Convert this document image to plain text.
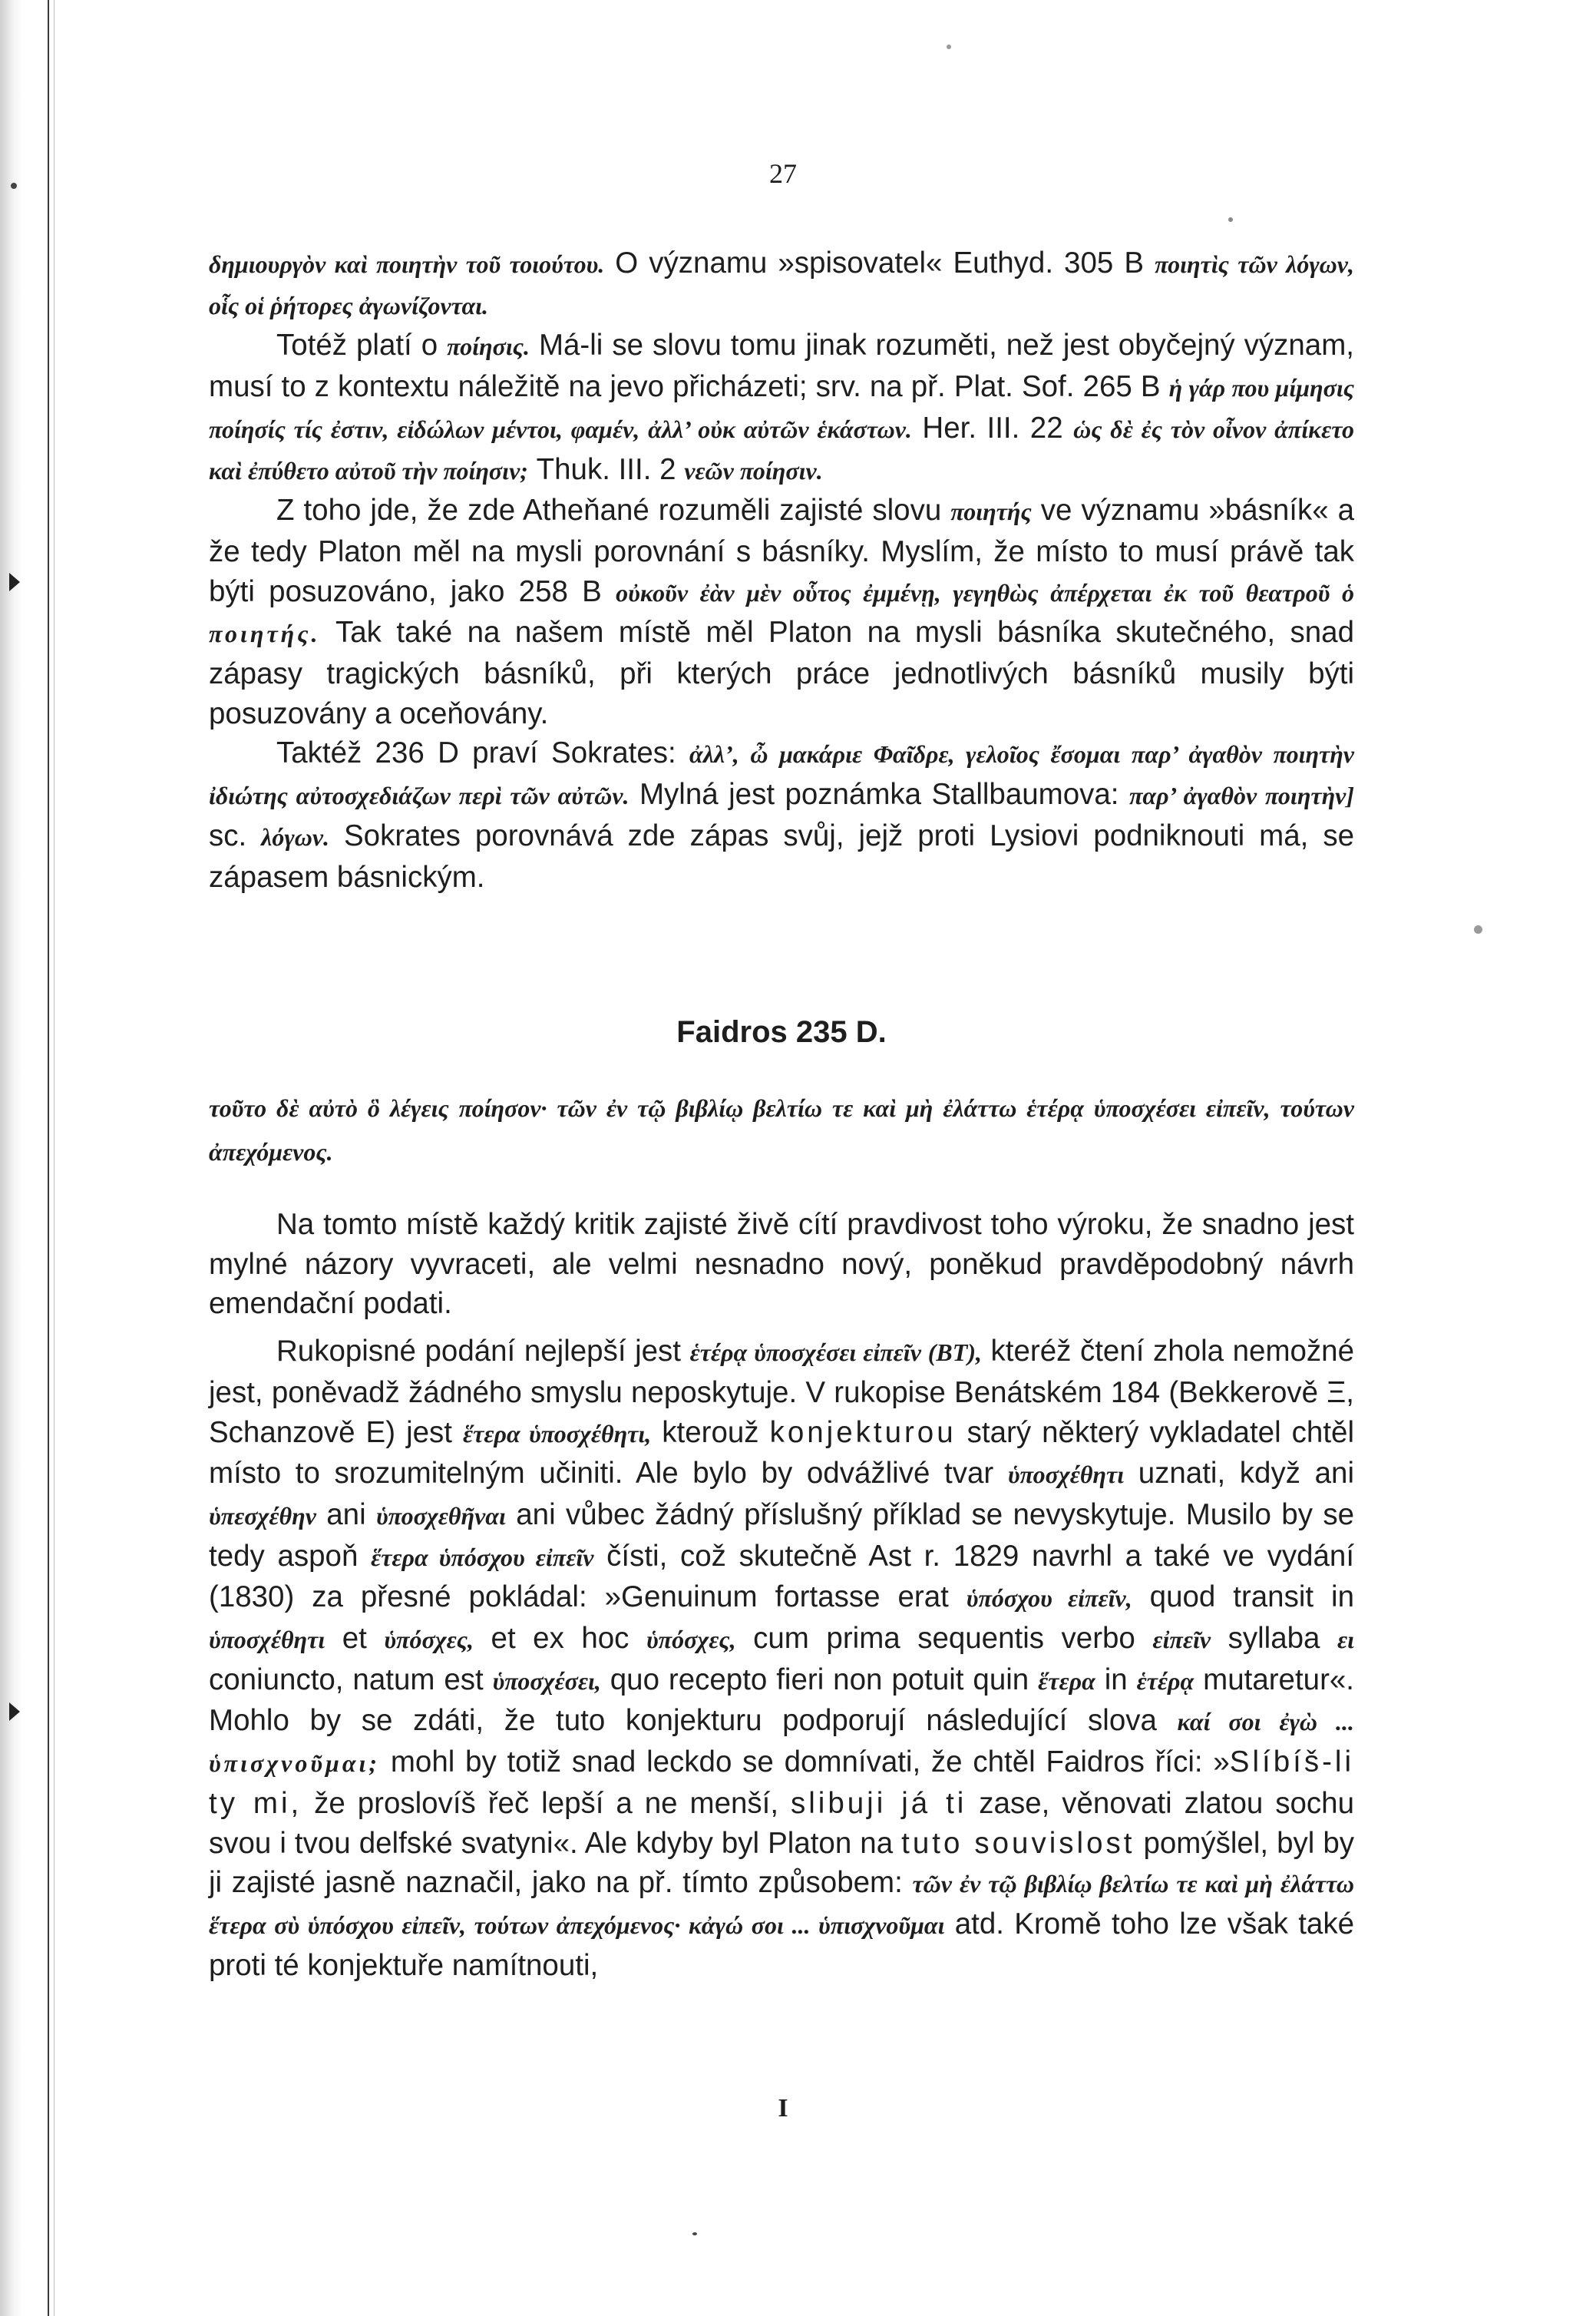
27

δημιουργὸν καὶ ποιητὴν τοῦ τοιούτου. O významu »spisovatel« Euthyd. 305 B ποιητὶς τῶν λόγων, οἷς οἱ ῥήτορες ἀγωνίζονται.

Totéž platí o ποίησις. Má-li se slovu tomu jinak rozuměti, než jest obyčejný význam, musí to z kontextu náležitě na jevo přicházeti; srv. na př. Plat. Sof. 265 B ἡ γάρ που μίμησις ποίησίς τίς ἐστιν, εἰδώλων μέντοι, φαμέν, ἀλλ’ οὐκ αὐτῶν ἑκάστων. Her. III. 22 ὡς δὲ ἐς τὸν οἶνον ἀπίκετο καὶ ἐπύθετο αὐτοῦ τὴν ποίησιν; Thuk. III. 2 νεῶν ποίησιν.

Z toho jde, že zde Atheňané rozuměli zajisté slovu ποιητής ve významu »básník« a že tedy Platon měl na mysli porovnání s básníky. Myslím, že místo to musí právě tak býti posuzováno, jako 258 B οὐκοῦν ἐὰν μὲν οὗτος ἐμμένῃ, γεγηθὼς ἀπέρχεται ἐκ τοῦ θεατροῦ ὁ ποιητής. Tak také na našem místě měl Platon na mysli básníka skutečného, snad zápasy tragických básníků, při kterých práce jednotlivých básníků musily býti posuzovány a oceňovány.

Taktéž 236 D praví Sokrates: ἀλλ’, ὦ μακάριε Φαῖδρε, γελοῖος ἔσομαι παρ’ ἀγαθὸν ποιητὴν ἰδιώτης αὐτοσχεδιάζων περὶ τῶν αὐτῶν. Mylná jest poznámka Stallbaumova: παρ’ ἀγαθὸν ποιητὴν] sc. λόγων. Sokrates porovnává zde zápas svůj, jejž proti Lysiovi podniknouti má, se zápasem básnickým.

Faidros 235 D.

τοῦτο δὲ αὐτὸ ὃ λέγεις ποίησον· τῶν ἐν τῷ βιβλίῳ βελτίω τε καὶ μὴ ἐλάττω ἑτέρᾳ ὑποσχέσει εἰπεῖν, τούτων ἀπεχόμενος.

Na tomto místě každý kritik zajisté živě cítí pravdivost toho výroku, že snadno jest mylné názory vyvraceti, ale velmi nesnadno nový, poněkud pravděpodobný návrh emendační podati.

Rukopisné podání nejlepší jest ἑτέρᾳ ὑποσχέσει εἰπεῖν (BT), kteréž čtení zhola nemožné jest, poněvadž žádného smyslu neposkytuje. V rukopise Benátském 184 (Bekkerově Ξ, Schanzově E) jest ἕτερα ὑποσχέθητι, kterouž konjekturou starý některý vykladatel chtěl místo to srozumitelným učiniti. Ale bylo by odvážlivé tvar ὑποσχέθητι uznati, když ani ὑπεσχέθην ani ὑποσχεθῆναι ani vůbec žádný příslušný příklad se nevyskytuje. Musilo by se tedy aspoň ἕτερα ὑπόσχου εἰπεῖν čísti, což skutečně Ast r. 1829 navrhl a také ve vydání (1830) za přesné pokládal: »Genuinum fortasse erat ὑπόσχου εἰπεῖν, quod transit in ὑποσχέθητι et ὑπόσχες, et ex hoc ὑπόσχες, cum prima sequentis verbo εἰπεῖν syllaba ει coniuncto, natum est ὑποσχέσει, quo recepto fieri non potuit quin ἕτερα in ἑτέρᾳ mutaretur«. Mohlo by se zdáti, že tuto konjekturu podporují následující slova καί σοι ἐγὼ ... ὑπισχνοῦμαι; mohl by totiž snad leckdo se domnívati, že chtěl Faidros říci: »Slíbíš-li ty mi, že proslovíš řeč lepší a ne menší, slibuji já ti zase, věnovati zlatou sochu svou i tvou delfské svatyni«. Ale kdyby byl Platon na tuto souvislost pomýšlel, byl by ji zajisté jasně naznačil, jako na př. tímto způsobem: τῶν ἐν τῷ βιβλίῳ βελτίω τε καὶ μὴ ἐλάττω ἕτερα σὺ ὑπόσχου εἰπεῖν, τούτων ἀπεχόμενος· κἀγώ σοι ... ὑπισχνοῦμαι atd. Kromě toho lze však také proti té konjektuře namítnouti,

I
